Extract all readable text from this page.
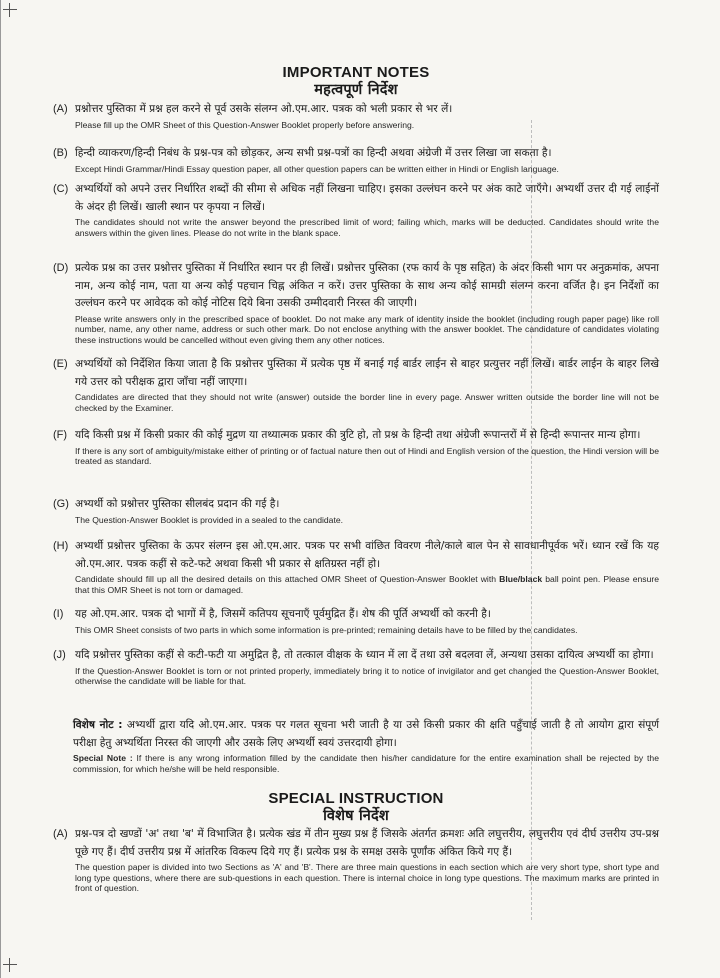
IMPORTANT NOTES

महत्वपूर्ण निर्देश

(A) प्रश्नोत्तर पुस्तिका में प्रश्न हल करने से पूर्व उसके संलग्न ओ.एम.आर. पत्रक को भली प्रकार से भर लें।
Please fill up the OMR Sheet of this Question-Answer Booklet properly before answering.
(B) हिन्दी व्याकरण/हिन्दी निबंध के प्रश्न-पत्र को छोड़कर, अन्य सभी प्रश्न-पत्रों का हिन्दी अथवा अंग्रेजी में उत्तर लिखा जा सकता है।
Except Hindi Grammar/Hindi Essay question paper, all other question papers can be written either in Hindi or English language.
(C) अभ्यर्थियों को अपने उत्तर निर्धारित शब्दों की सीमा से अधिक नहीं लिखना चाहिए। इसका उल्लंघन करने पर अंक काटे जाएँगे। अभ्यर्थी उत्तर दी गई लाईनों के अंदर ही लिखें। खाली स्थान पर कृपया न लिखें।
The candidates should not write the answer beyond the prescribed limit of word; failing which, marks will be deducted. Candidates should write the answers within the given lines. Please do not write in the blank space.
(D) प्रत्येक प्रश्न का उत्तर प्रश्नोत्तर पुस्तिका में निर्धारित स्थान पर ही लिखें। प्रश्नोत्तर पुस्तिका (रफ कार्य के पृष्ठ सहित) के अंदर किसी भाग पर अनुक्रमांक, अपना नाम, अन्य कोई नाम, पता या अन्य कोई पहचान चिह्न अंकित न करें। उत्तर पुस्तिका के साथ अन्य कोई सामग्री संलग्न करना वर्जित है। इन निर्देशों का उल्लंघन करने पर आवेदक को कोई नोटिस दिये बिना उसकी उम्मीदवारी निरस्त की जाएगी।
Please write answers only in the prescribed space of booklet. Do not make any mark of identity inside the booklet (including rough paper page) like roll number, name, any other name, address or such other mark. Do not enclose anything with the answer booklet. The candidature of candidates violating these instructions would be cancelled without even giving them any other notices.
(E) अभ्यर्थियों को निर्देशित किया जाता है कि प्रश्नोत्तर पुस्तिका में प्रत्येक पृष्ठ में बनाई गई बार्डर लाईन से बाहर प्रत्युत्तर नहीं लिखें। बार्डर लाईन के बाहर लिखे गये उत्तर को परीक्षक द्वारा जाँचा नहीं जाएगा।
Candidates are directed that they should not write (answer) outside the border line in every page. Answer written outside the border line will not be checked by the Examiner.
(F) यदि किसी प्रश्न में किसी प्रकार की कोई मुद्रण या तथ्यात्मक प्रकार की त्रुटि हो, तो प्रश्न के हिन्दी तथा अंग्रेजी रूपान्तरों में से हिन्दी रूपान्तर मान्य होगा।
If there is any sort of ambiguity/mistake either of printing or of factual nature then out of Hindi and English version of the question, the Hindi version will be treated as standard.
(G) अभ्यर्थी को प्रश्नोत्तर पुस्तिका सीलबंद प्रदान की गई है।
The Question-Answer Booklet is provided in a sealed to the candidate.
(H) अभ्यर्थी प्रश्नोत्तर पुस्तिका के ऊपर संलग्न इस ओ.एम.आर. पत्रक पर सभी वांछित विवरण नीले/काले बाल पेन से सावधानीपूर्वक भरें। ध्यान रखें कि यह ओ.एम.आर. पत्रक कहीं से कटे-फटे अथवा किसी भी प्रकार से क्षतिग्रस्त नहीं हो।
Candidate should fill up all the desired details on this attached OMR Sheet of Question-Answer Booklet with Blue/black ball point pen. Please ensure that this OMR Sheet is not torn or damaged.
(I)	यह ओ.एम.आर. पत्रक दो भागों में है, जिसमें कतिपय सूचनाएँ पूर्वमुद्रित हैं। शेष की पूर्ति अभ्यर्थी को करनी है।
This OMR Sheet consists of two parts in which some information is pre-printed; remaining details have to be filled by the candidates.
(J) यदि प्रश्नोत्तर पुस्तिका कहीं से कटी-फटी या अमुद्रित है, तो तत्काल वीक्षक के ध्यान में ला दें तथा उसे बदलवा लें, अन्यथा उसका दायित्व अभ्यर्थी का होगा।
If the Question-Answer Booklet is torn or not printed properly, immediately bring it to notice of invigilator and get changed the Question-Answer Booklet, otherwise the candidate will be liable for that.
विशेष नोट : अभ्यर्थी द्वारा यदि ओ.एम.आर. पत्रक पर गलत सूचना भरी जाती है या उसे किसी प्रकार की क्षति पहुँचाई जाती है तो आयोग द्वारा संपूर्ण परीक्षा हेतु अभ्यर्थिता निरस्त की जाएगी और उसके लिए अभ्यर्थी स्वयं उत्तरदायी होगा।
Special Note : If there is any wrong information filled by the candidate then his/her candidature for the entire examination shall be rejected by the commission, for which he/she will be held responsible.

SPECIAL INSTRUCTION

विशेष निर्देश

(A) प्रश्न-पत्र दो खण्डों 'अ' तथा 'ब' में विभाजित है। प्रत्येक खंड में तीन मुख्य प्रश्न हैं जिसके अंतर्गत क्रमशः अति लघुत्तरीय, लघुत्तरीय एवं दीर्घ उत्तरीय उप-प्रश्न पूछे गए हैं। दीर्घ उत्तरीय प्रश्न में आंतरिक विकल्प दिये गए हैं। प्रत्येक प्रश्न के समक्ष उसके पूर्णांक अंकित किये गए हैं।
The question paper is divided into two Sections as 'A' and 'B'. There are three main questions in each section which are very short type, short type and long type questions, where there are sub-questions in each question. There is internal choice in long type questions. The maximum marks are printed in front of question.
